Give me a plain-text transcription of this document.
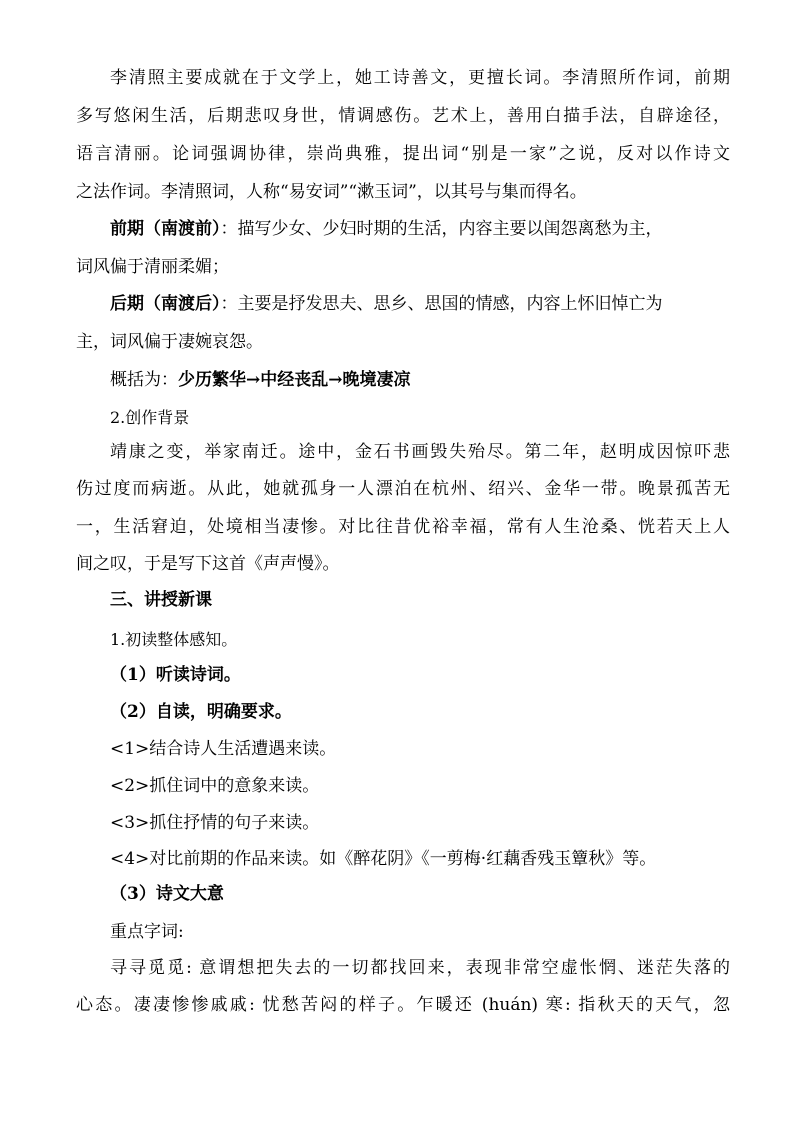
李清照主要成就在于文学上，她工诗善文，更擅长词。李清照所作词，前期
多写悠闲生活，后期悲叹身世，情调感伤。艺术上，善用白描手法，自辟途径，
语言清丽。论词强调协律，崇尚典雅，提出词“别是一家”之说，反对以作诗文
之法作词。李清照词，人称“易安词”“漱玉词”，以其号与集而得名。
前期（南渡前）：描写少女、少妇时期的生活，内容主要以闺怨离愁为主，
词风偏于清丽柔媚；
后期（南渡后）：主要是抒发思夫、思乡、思国的情感，内容上怀旧悼亡为
主，词风偏于凄婉哀怨。
概括为：少历繁华→中经丧乱→晚境凄凉
2.创作背景
靖康之变，举家南迁。途中，金石书画毁失殆尽。第二年，赵明成因惊吓悲
伤过度而病逝。从此，她就孤身一人漂泊在杭州、绍兴、金华一带。晚景孤苦无
一，生活窘迫，处境相当凄惨。对比往昔优裕幸福，常有人生沧桑、恍若天上人
间之叹，于是写下这首《声声慢》。
三、讲授新课
1.初读整体感知。
（1）听读诗词。
（2）自读，明确要求。
<1>结合诗人生活遭遇来读。
<2>抓住词中的意象来读。
<3>抓住抒情的句子来读。
<4>对比前期的作品来读。如《醉花阴》《一剪梅·红藕香残玉簟秋》等。
（3）诗文大意
重点字词:
寻寻觅觅: 意谓想把失去的一切都找回来，表现非常空虚怅惘、迷茫失落的
心态。凄凄惨惨戚戚: 忧愁苦闷的样子。乍暖还 (huán) 寒: 指秋天的天气，忽
